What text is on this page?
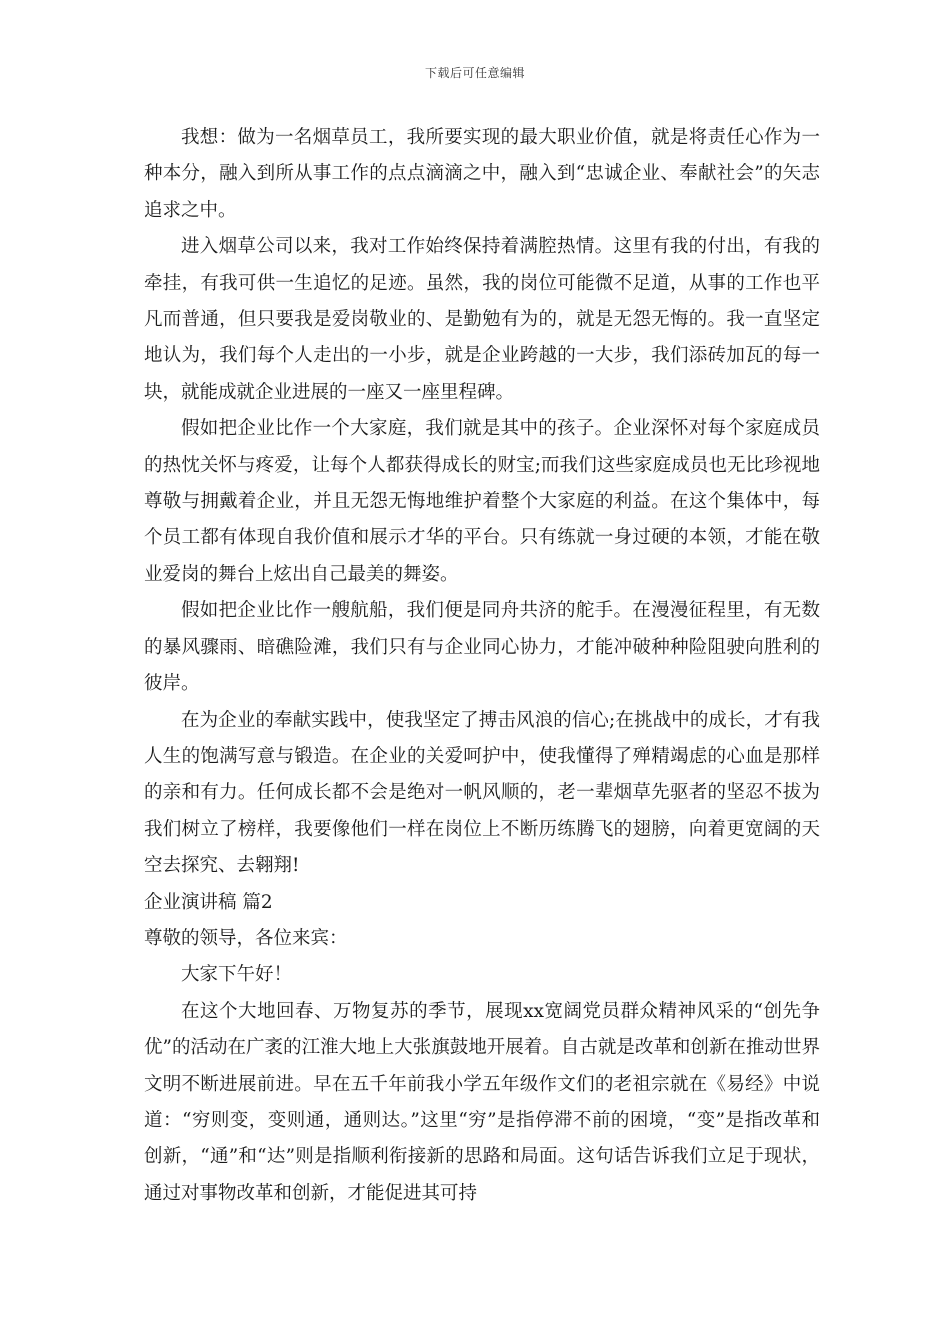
下载后可任意编辑

我想：做为一名烟草员工，我所要实现的最大职业价值，就是将责任心作为一种本分，融入到所从事工作的点点滴滴之中，融入到“忠诚企业、奉献社会”的矢志追求之中。

进入烟草公司以来，我对工作始终保持着满腔热情。这里有我的付出，有我的牵挂，有我可供一生追忆的足迹。虽然，我的岗位可能微不足道，从事的工作也平凡而普通，但只要我是爱岗敬业的、是勤勉有为的，就是无怨无悔的。我一直坚定地认为，我们每个人走出的一小步，就是企业跨越的一大步，我们添砖加瓦的每一块，就能成就企业进展的一座又一座里程碑。

假如把企业比作一个大家庭，我们就是其中的孩子。企业深怀对每个家庭成员的热忱关怀与疼爱，让每个人都获得成长的财宝;而我们这些家庭成员也无比珍视地尊敬与拥戴着企业，并且无怨无悔地维护着整个大家庭的利益。在这个集体中，每个员工都有体现自我价值和展示才华的平台。只有练就一身过硬的本领，才能在敬业爱岗的舞台上炫出自己最美的舞姿。

假如把企业比作一艘航船，我们便是同舟共济的舵手。在漫漫征程里，有无数的暴风骤雨、暗礁险滩，我们只有与企业同心协力，才能冲破种种险阻驶向胜利的彼岸。

在为企业的奉献实践中，使我坚定了搏击风浪的信心;在挑战中的成长，才有我人生的饱满写意与锻造。在企业的关爱呵护中，使我懂得了殚精竭虑的心血是那样的亲和有力。任何成长都不会是绝对一帆风顺的，老一辈烟草先驱者的坚忍不拔为我们树立了榜样，我要像他们一样在岗位上不断历练腾飞的翅膀，向着更宽阔的天空去探究、去翱翔!

企业演讲稿 篇2

尊敬的领导，各位来宾：

大家下午好！

在这个大地回春、万物复苏的季节，展现xx宽阔党员群众精神风采的“创先争优”的活动在广袤的江淮大地上大张旗鼓地开展着。自古就是改革和创新在推动世界文明不断进展前进。早在五千年前我小学五年级作文们的老祖宗就在《易经》中说道：“穷则变，变则通，通则达。”这里“穷”是指停滞不前的困境，“变”是指改革和创新，“通”和“达”则是指顺利衔接新的思路和局面。这句话告诉我们立足于现状，通过对事物改革和创新，才能促进其可持
